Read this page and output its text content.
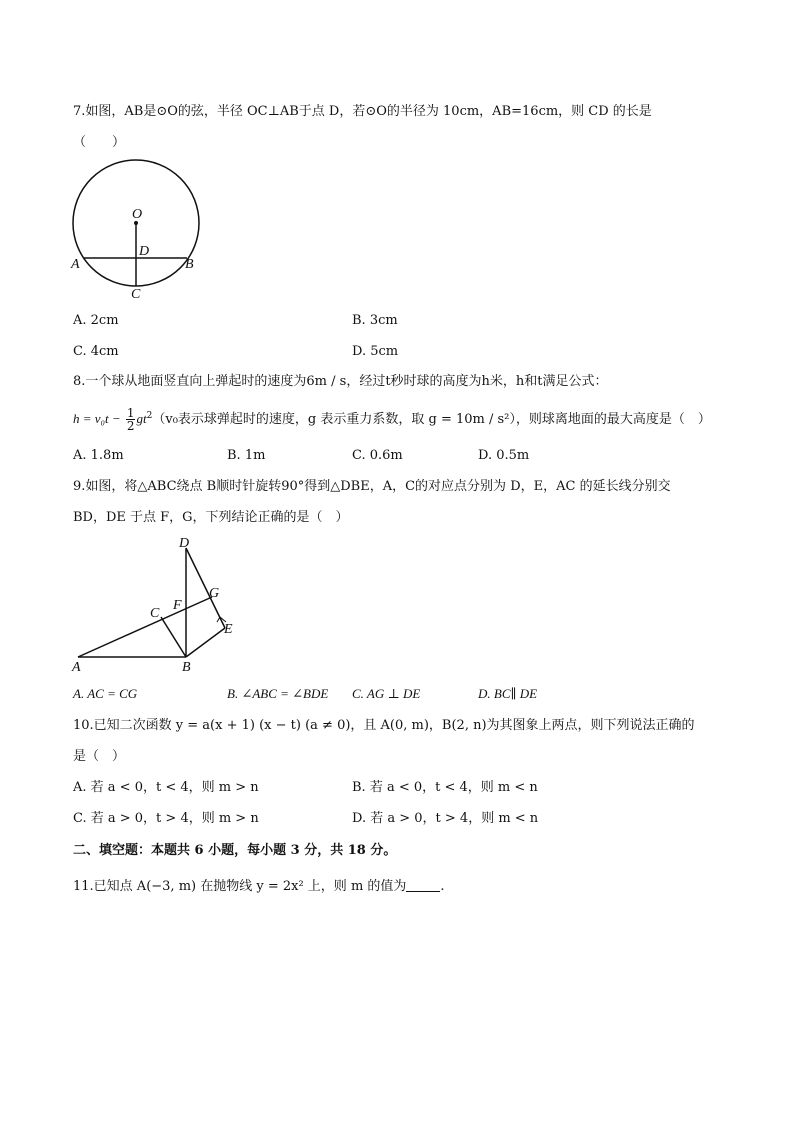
7.如图，AB是⊙O的弦，半径 OC⊥AB于点 D，若⊙O的半径为 10cm，AB=16cm，则 CD 的长是
（　　）
O
D
A	B
C
A. 2cm	B. 3cm
C. 4cm	D. 5cm
8.一个球从地面竖直向上弹起时的速度为6m / s，经过t秒时球的高度为h米，h和t满足公式：
$h = v_0t - \frac{1}{2} gt^2(v_0$表示球弹起时的速度，g 表示重力系数，取 g = 10m / s²），则球离地面的最大高度是（　）
A. 1.8m	B. 1m	C. 0.6m	D. 0.5m
9.如图，将△ABC绕点 B顺时针旋转90°得到△DBE，A，C的对应点分别为 D，E，AC 的延长线分别交
BD，DE 于点 F，G，下列结论正确的是（　）
D
G
F
C
E
A	B
A. AC = CG	B. ∠ABC = ∠BDE C. AG ⊥ DE	D. BC∥ DE
10.已知二次函数 y = a(x + 1) (x − t) (a ≠ 0)，且 A(0, m)，B(2, n)为其图象上两点，则下列说法正确的
是（　）
A. 若 a < 0，t < 4，则 m > n	B. 若 a < 0，t < 4，则 m < n
C. 若 a > 0，t > 4，则 m > n	D. 若 a > 0，t > 4，则 m < n
二、填空题：本题共 6 小题，每小题 3 分，共 18 分。
11.已知点 A(−3, m) 在抛物线 y = 2x² 上，则 m 的值为	.
